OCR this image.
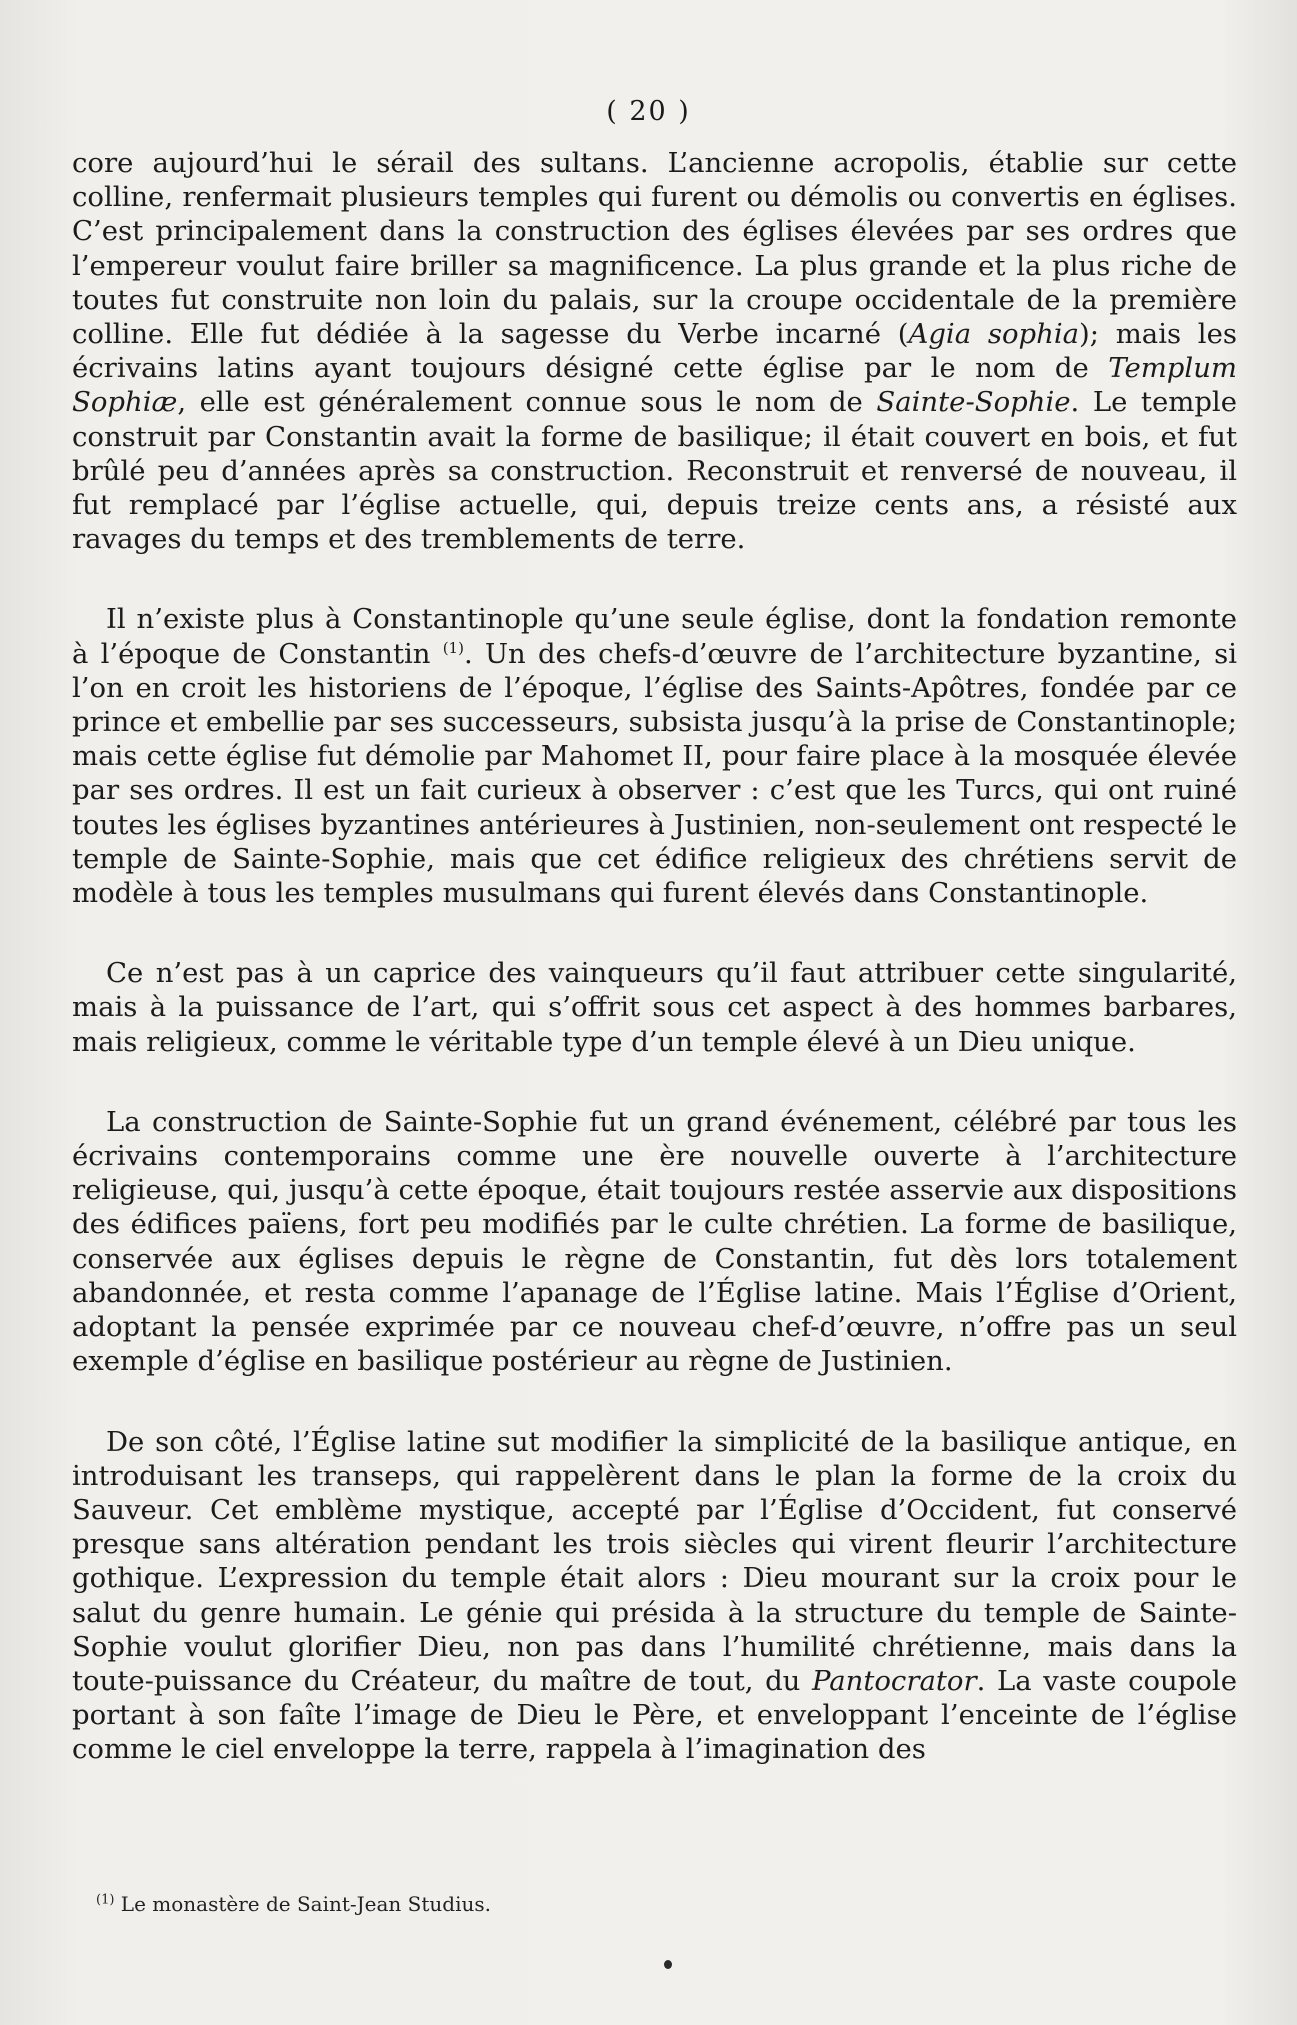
( 20 )

core aujourd’hui le sérail des sultans. L’ancienne acropolis, établie sur cette colline, renfermait plusieurs temples qui furent ou démolis ou convertis en églises. C’est principalement dans la construction des églises élevées par ses ordres que l’empereur voulut faire briller sa magnificence. La plus grande et la plus riche de toutes fut construite non loin du palais, sur la croupe occidentale de la première colline. Elle fut dédiée à la sagesse du Verbe incarné (Agia sophia); mais les écrivains latins ayant toujours désigné cette église par le nom de Templum Sophiæ, elle est généralement connue sous le nom de Sainte-Sophie. Le temple construit par Constantin avait la forme de basilique; il était couvert en bois, et fut brûlé peu d’années après sa construction. Reconstruit et renversé de nouveau, il fut remplacé par l’église actuelle, qui, depuis treize cents ans, a résisté aux ravages du temps et des tremblements de terre.

Il n’existe plus à Constantinople qu’une seule église, dont la fondation remonte à l’époque de Constantin $^{(1)}$. Un des chefs-d’œuvre de l’architecture byzantine, si l’on en croit les historiens de l’époque, l’église des Saints-Apôtres, fondée par ce prince et embellie par ses successeurs, subsista jusqu’à la prise de Constantinople; mais cette église fut démolie par Mahomet II, pour faire place à la mosquée élevée par ses ordres. Il est un fait curieux à observer : c’est que les Turcs, qui ont ruiné toutes les églises byzantines antérieures à Justinien, non-seulement ont respecté le temple de Sainte-Sophie, mais que cet édifice religieux des chrétiens servit de modèle à tous les temples musulmans qui furent élevés dans Constantinople.

Ce n’est pas à un caprice des vainqueurs qu’il faut attribuer cette singularité, mais à la puissance de l’art, qui s’offrit sous cet aspect à des hommes barbares, mais religieux, comme le véritable type d’un temple élevé à un Dieu unique.

La construction de Sainte-Sophie fut un grand événement, célébré par tous les écrivains contemporains comme une ère nouvelle ouverte à l’architecture religieuse, qui, jusqu’à cette époque, était toujours restée asservie aux dispositions des édifices païens, fort peu modifiés par le culte chrétien. La forme de basilique, conservée aux églises depuis le règne de Constantin, fut dès lors totalement abandonnée, et resta comme l’apanage de l’Église latine. Mais l’Église d’Orient, adoptant la pensée exprimée par ce nouveau chef-d’œuvre, n’offre pas un seul exemple d’église en basilique postérieur au règne de Justinien.

De son côté, l’Église latine sut modifier la simplicité de la basilique antique, en introduisant les transeps, qui rappelèrent dans le plan la forme de la croix du Sauveur. Cet emblème mystique, accepté par l’Église d’Occident, fut conservé presque sans altération pendant les trois siècles qui virent fleurir l’architecture gothique. L’expression du temple était alors : Dieu mourant sur la croix pour le salut du genre humain. Le génie qui présida à la structure du temple de Sainte-Sophie voulut glorifier Dieu, non pas dans l’humilité chrétienne, mais dans la toute-puissance du Créateur, du maître de tout, du Pantocrator. La vaste coupole portant à son faîte l’image de Dieu le Père, et enveloppant l’enceinte de l’église comme le ciel enveloppe la terre, rappela à l’imagination des

$^{(1)}$ Le monastère de Saint-Jean Studius.
